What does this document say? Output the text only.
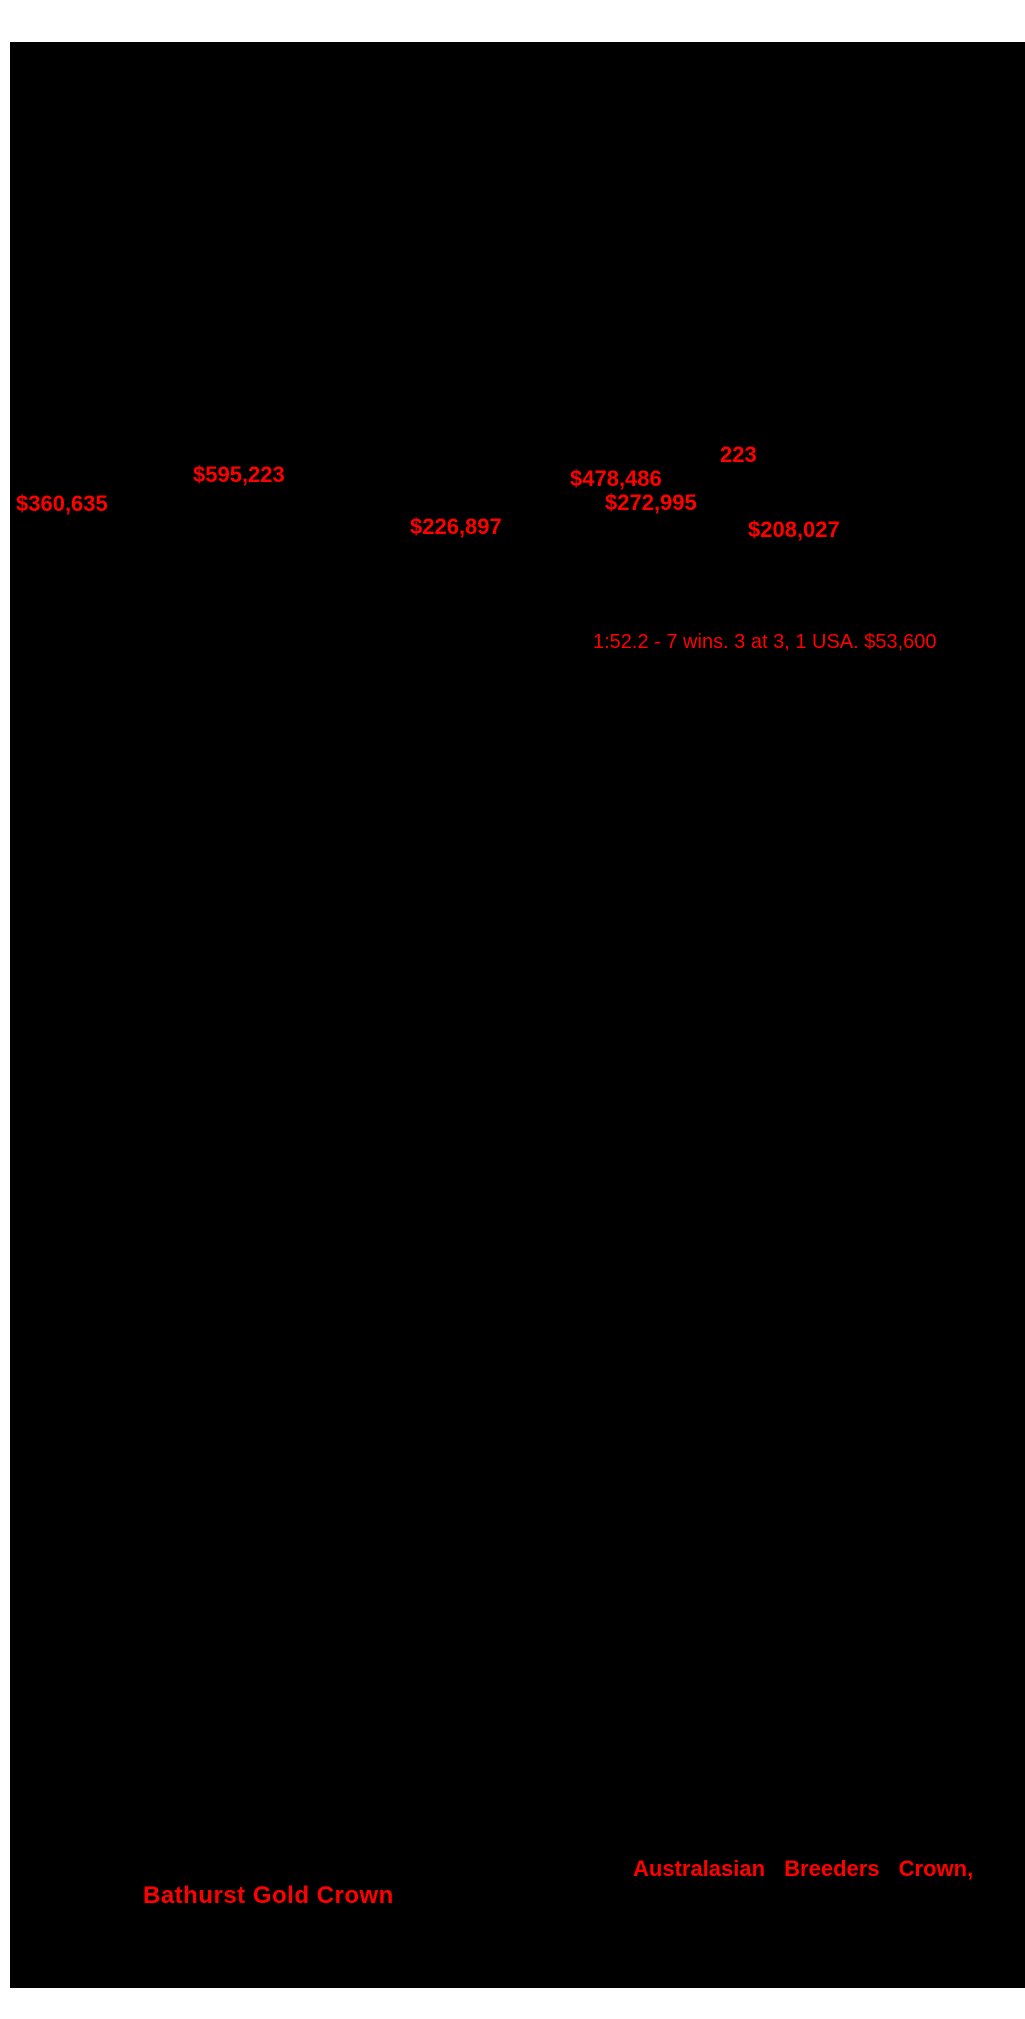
$360,635
$595,223
223
$478,486
$272,995
$226,897	$208,027
1:52.2 - 7 wins. 3 at 3, 1 USA. $53,600
Australasian Breeders Crown,
Bathurst Gold Crown
